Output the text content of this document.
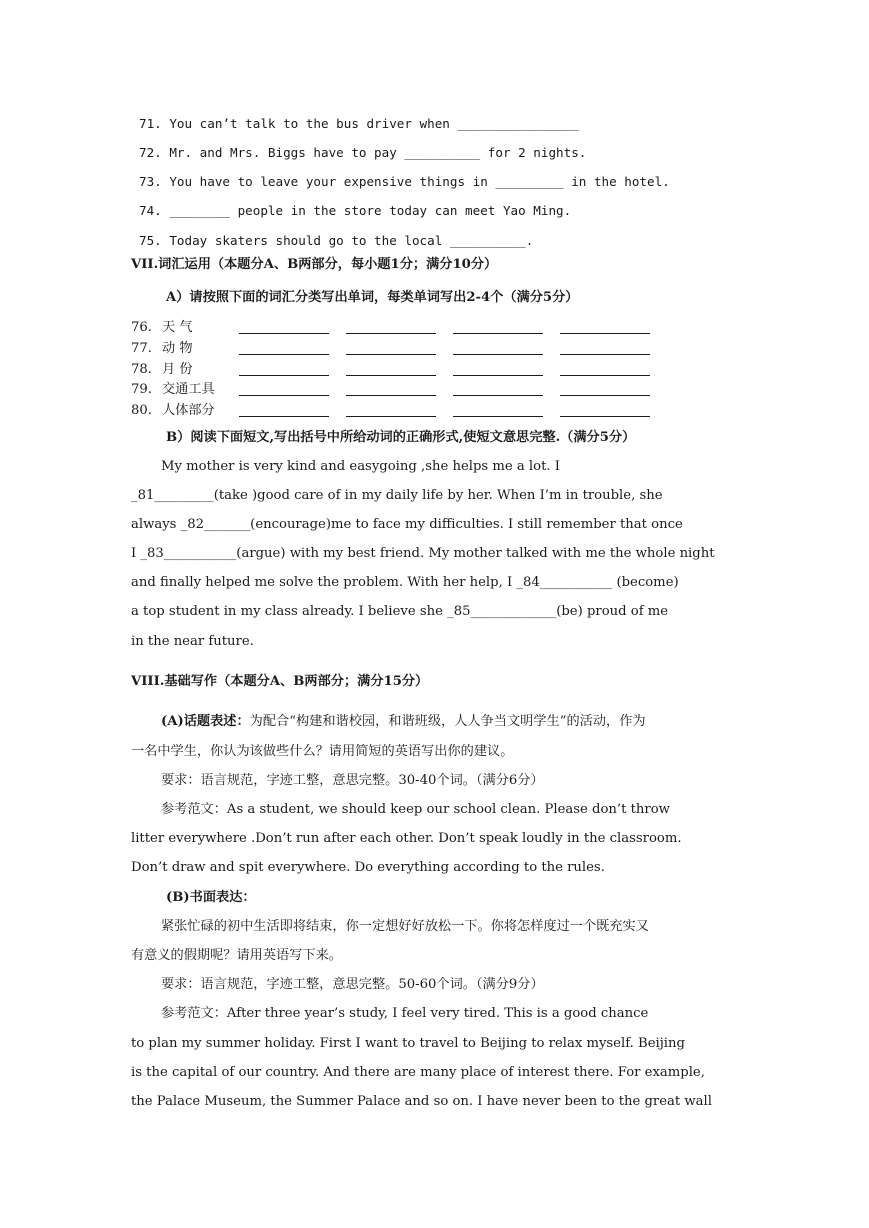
71. You can’t talk to the bus driver when ________________
72. Mr. and Mrs. Biggs have to pay __________ for 2 nights.
73. You have to leave your expensive things in _________ in the hotel.
74. ________ people in the store today can meet Yao Ming.
75. Today skaters should go to the local __________.
VII.词汇运用（本题分A、B两部分，每小题1分；满分10分）
A）请按照下面的词汇分类写出单词，每类单词写出2-4个（满分5分）
76. 天 气
77. 动 物
78. 月 份
79. 交通工具
80. 人体部分
B）阅读下面短文,写出括号中所给动词的正确形式,使短文意思完整.（满分5分）
My mother is very kind and easygoing ,she helps me a lot. I
_81_________(take )good care of in my daily life by her. When I’m in trouble, she
always _82_______(encourage)me to face my difficulties. I still remember that once
I _83___________(argue) with my best friend. My mother talked with me the whole night
and finally helped me solve the problem. With her help, I _84___________ (become)
a top student in my class already. I believe she _85_____________(be) proud of me
in the near future.
VIII.基础写作（本题分A、B两部分；满分15分）
(A)话题表述：为配合“构建和谐校园，和谐班级，人人争当文明学生”的活动，作为
一名中学生，你认为该做些什么？请用简短的英语写出你的建议。
要求：语言规范，字迹工整，意思完整。30-40个词。（满分6分）
参考范文：As a student, we should keep our school clean. Please don’t throw
litter everywhere .Don’t run after each other. Don’t speak loudly in the classroom.
Don’t draw and spit everywhere. Do everything according to the rules.
(B)书面表达：
紧张忙碌的初中生活即将结束，你一定想好好放松一下。你将怎样度过一个既充实又
有意义的假期呢？请用英语写下来。
要求：语言规范，字迹工整，意思完整。50-60个词。（满分9分）
参考范文：After three year’s study, I feel very tired. This is a good chance
to plan my summer holiday. First I want to travel to Beijing to relax myself. Beijing
is the capital of our country. And there are many place of interest there. For example,
the Palace Museum, the Summer Palace and so on. I have never been to the great wall
